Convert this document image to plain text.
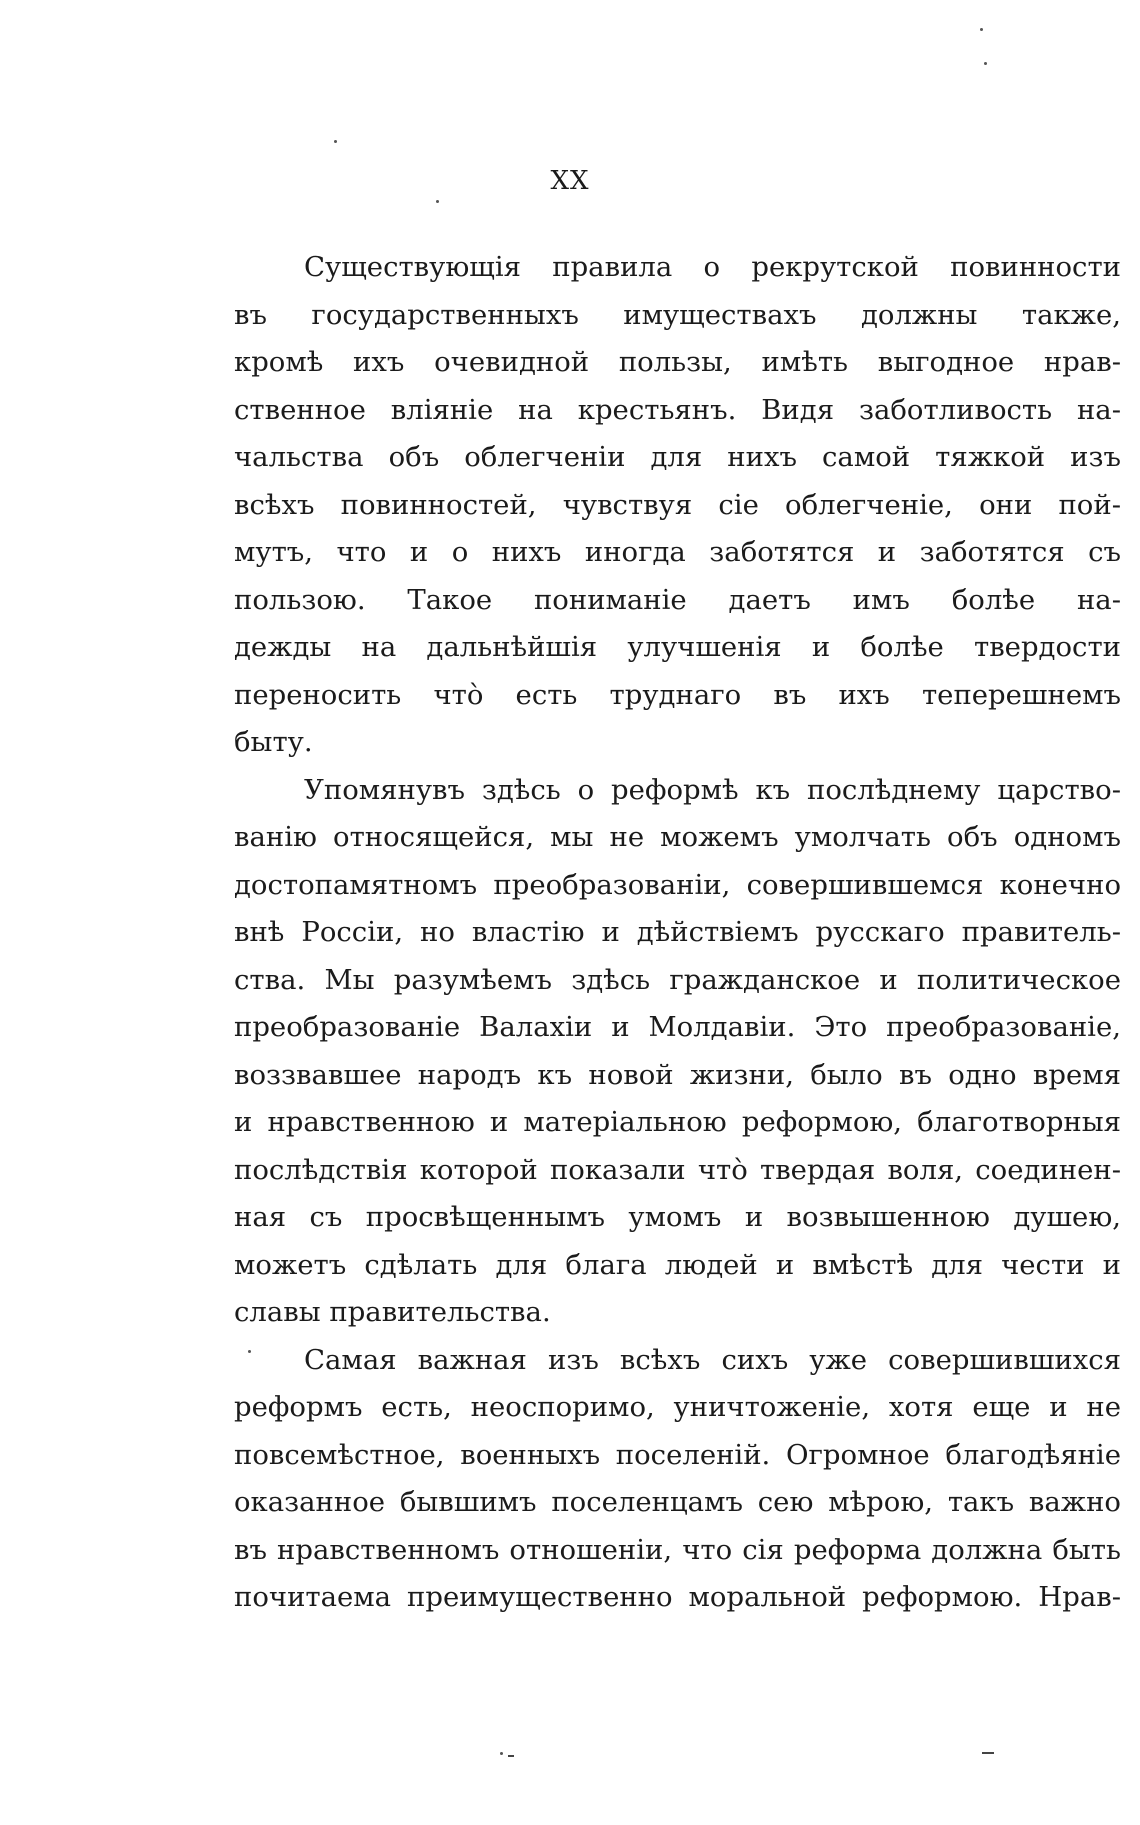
XX
Существующія правила о рекрутской повинности
въ государственныхъ имуществахъ должны также,
кромѣ ихъ очевидной пользы, имѣть выгодное нрав-
ственное вліяніе на крестьянъ. Видя заботливость на-
чальства объ облегченіи для нихъ самой тяжкой изъ
всѣхъ повинностей, чувствуя сіе облегченіе, они пой-
мутъ, что и о нихъ иногда заботятся и заботятся съ
пользою. Такое пониманіе даетъ имъ болѣе на-
дежды на дальнѣйшія улучшенія и болѣе твердости
переносить что̀ есть труднаго въ ихъ теперешнемъ
быту.
Упомянувъ здѣсь о реформѣ къ послѣднему царство-
ванію относящейся, мы не можемъ умолчать объ одномъ
достопамятномъ преобразованіи, совершившемся конечно
внѣ Россіи, но властію и дѣйствіемъ русскаго правитель-
ства. Мы разумѣемъ здѣсь гражданское и политическое
преобразованіе Валахіи и Молдавіи. Это преобразованіе,
воззвавшее народъ къ новой жизни, было въ одно время
и нравственною и матеріальною реформою, благотворныя
послѣдствія которой показали что̀ твердая воля, соединен-
ная съ просвѣщеннымъ умомъ и возвышенною душею,
можетъ сдѣлать для блага людей и вмѣстѣ для чести и
славы правительства.
Самая важная изъ всѣхъ сихъ уже совершившихся
реформъ есть, неоспоримо, уничтоженіе, хотя еще и не
повсемѣстное, военныхъ поселеній. Огромное благодѣяніе
оказанное бывшимъ поселенцамъ сею мѣрою, такъ важно
въ нравственномъ отношеніи, что сія реформа должна быть
почитаема преимущественно моральной реформою. Нрав-
